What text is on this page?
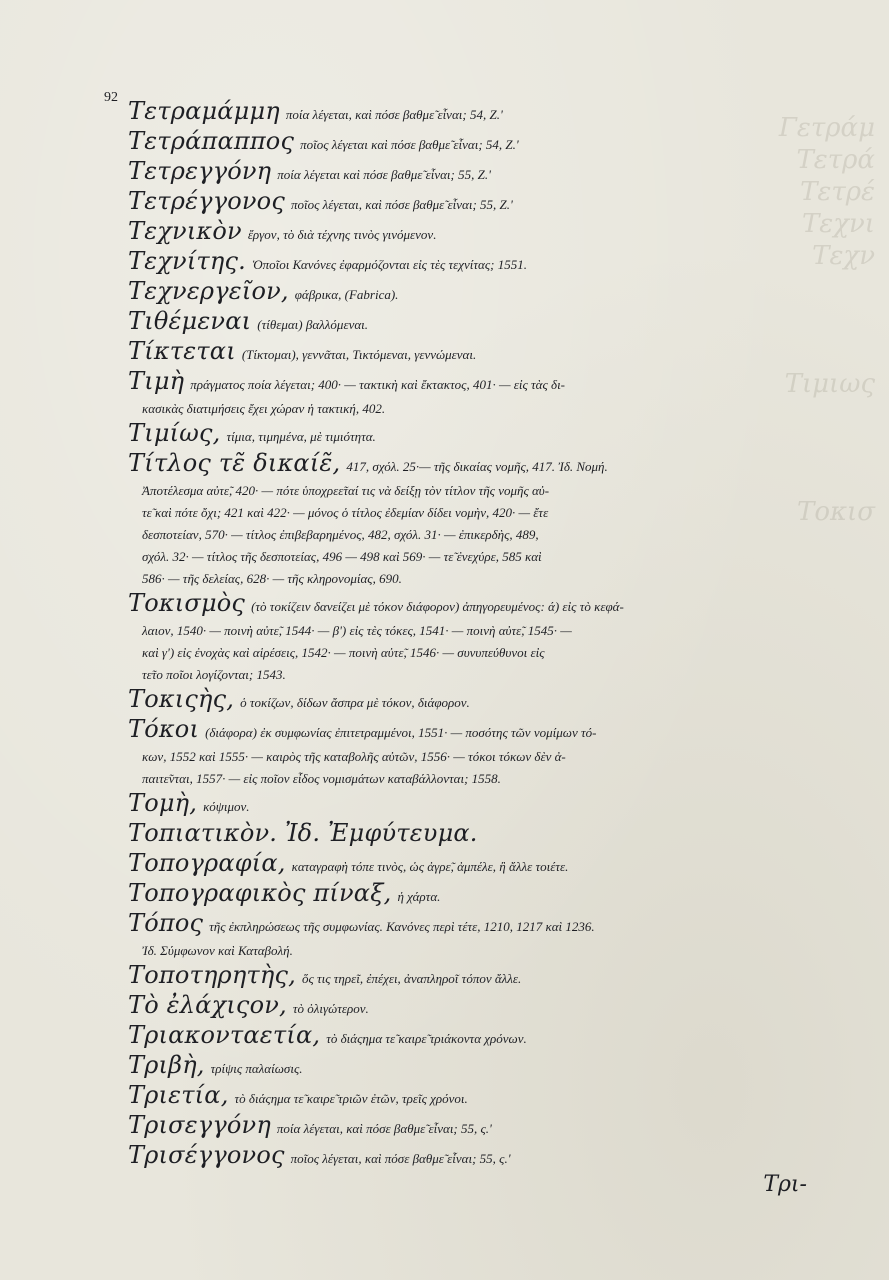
Γετράμ
Τετρά
Τετρέ
Τεχνι
Τεχν

Τιμιως

Τοκισ
92 Τετραμάμμη ποία λέγεται, καὶ πόσε βαθμε̃ εἶναι; 54, Ζ.'
Τετράπαππος ποῖος λέγεται καὶ πόσε βαθμε̃ εἶναι; 54, Ζ.'
Τετρεγγόνη ποία λέγεται καὶ πόσε βαθμε̃ εἶναι; 55, Ζ.'
Τετρέγγονος ποῖος λέγεται, καὶ πόσε βαθμε̃ εἶναι; 55, Ζ.'
Τεχνικὸν ἔργον, τὸ διὰ τέχνης τινὸς γινόμενον.
Τεχνίτης. Ὁποῖοι Κανόνες ἐφαρμόζονται εἰς τὲς τεχνίτας; 1551.
Τεχνεργεῖον, φάβρικα, (Fabrica).
Τιθέμεναι (τίθεμαι) βαλλόμεναι.
Τίκτεται (Τίκτομαι), γεννᾶται, Τικτόμεναι, γεννώμεναι.
Τιμὴ πράγματος ποία λέγεται; 400· — τακτικὴ καὶ ἔκτακτος, 401· — εἰς τὰς δι-
κασικὰς διατιμήσεις ἔχει χώραν ἡ τακτική, 402.
Τιμίως, τίμια, τιμημένα, μὲ τιμιότητα.
Τίτλος τε̃ δικαίε̃, 417, σχόλ. 25·— τῆς δικαίας νομῆς, 417. Ἰδ. Νομή.
Ἀποτέλεσμα αὐτε̃, 420· — πότε ὑποχρεε̃ταί τις νὰ δείξῃ τὸν τίτλον τῆς νομῆς αὐ-
τε̃ καὶ πότε ὄχι; 421 καὶ 422· — μόνος ὁ τίτλος ἐδεμίαν δίδει νομὴν, 420· — ἔτε
δεσποτείαν, 570· — τίτλος ἐπιβεβαρημένος, 482, σχόλ. 31· — ἐπικερδὴς, 489,
σχόλ. 32· — τίτλος τῆς δεσποτείας, 496 — 498 καὶ 569· — τε̃ ἐνεχύρε, 585 καὶ
586· — τῆς δελείας, 628· — τῆς κληρονομίας, 690.
Τοκισμὸς (τὸ τοκίζειν δανείζει μὲ τόκον διάφορον) ἀπηγορευμένος: ά) εἰς τὸ κεφά-
λαιον, 1540· — ποινὴ αὐτε̃, 1544· — β') εἰς τὲς τόκες, 1541· — ποινὴ αὐτε̃, 1545· —
καὶ γ') εἰς ἐνοχὰς καὶ αἱρέσεις, 1542· — ποινὴ αὐτε̃, 1546· — συνυπεύθυνοι εἰς
τε̃το ποῖοι λογίζονται; 1543.
Τοκιςὴς, ὁ τοκίζων, δίδων ἄσπρα μὲ τόκον, διάφορον.
Τόκοι (διάφορα) ἐκ συμφωνίας ἐπιτετραμμένοι, 1551· — ποσότης τῶν νομίμων τό-
κων, 1552 καὶ 1555· — καιρὸς τῆς καταβολῆς αὐτῶν, 1556· — τόκοι τόκων δὲν ἀ-
παιτε̃νται, 1557· — εἰς ποῖον εἶδος νομισμάτων καταβάλλονται; 1558.
Τομὴ, κόψιμον.
Τοπιατικὸν. Ἰδ. Ἐμφύτευμα.
Τοπογραφία, καταγραφὴ τόπε τινὸς, ὡς ἀγρε̃, ἀμπέλε, ἢ ἄλλε τοιέτε.
Τοπογραφικὸς πίναξ, ἡ χάρτα.
Τόπος τῆς ἐκπληρώσεως τῆς συμφωνίας. Κανόνες περὶ τέτε, 1210, 1217 καὶ 1236.
Ἰδ. Σύμφωνον καὶ Καταβολή.
Τοποτηρητὴς, ὅς τις τηρεῖ, ἐπέχει, ἀναπληροῖ τόπον ἄλλε.
Τὸ ἐλάχιςον, τὸ ὀλιγώτερον.
Τριακονταετία, τὸ διάςημα τε̃ καιρε̃ τριάκοντα χρόνων.
Τριβὴ, τρίψις παλαίωσις.
Τριετία, τὸ διάςημα τε̃ καιρε̃ τριῶν ἐτῶν, τρεῖς χρόνοι.
Τρισεγγόνη ποία λέγεται, καὶ πόσε βαθμε̃ εἶναι; 55, ς.'
Τρισέγγονος ποῖος λέγεται, καὶ πόσε βαθμε̃ εἶναι; 55, ς.'
Τρι-
